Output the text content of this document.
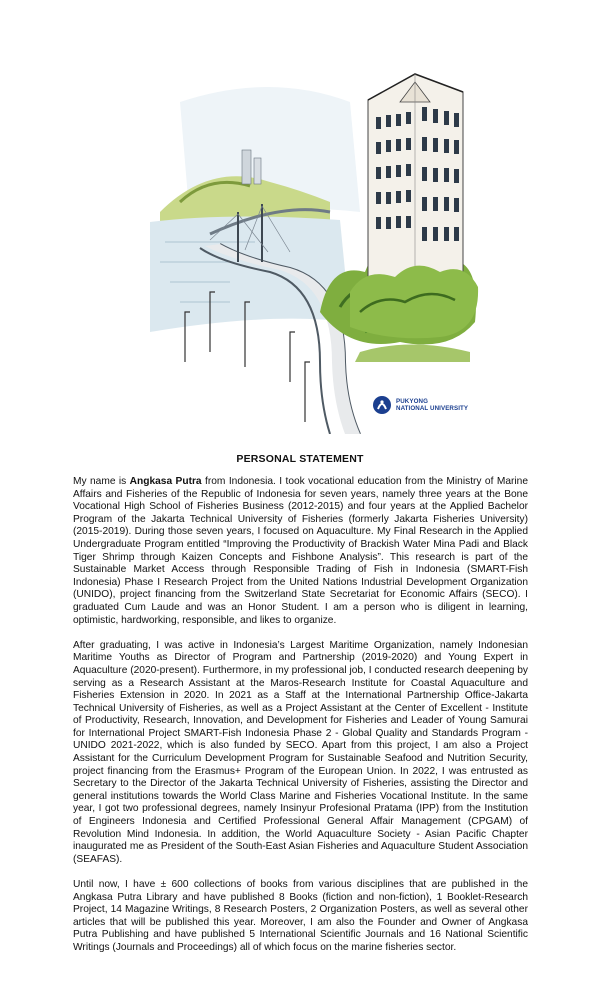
PUKYONG
NATIONAL UNIVERSITY
PERSONAL STATEMENT

My name is Angkasa Putra from Indonesia. I took vocational education from the Ministry of Marine Affairs and Fisheries of the Republic of Indonesia for seven years, namely three years at the Bone Vocational High School of Fisheries Business (2012-2015) and four years at the Applied Bachelor Program of the Jakarta Technical University of Fisheries (formerly Jakarta Fisheries University) (2015-2019). During those seven years, I focused on Aquaculture. My Final Research in the Applied Undergraduate Program entitled “Improving the Productivity of Brackish Water Mina Padi and Black Tiger Shrimp through Kaizen Concepts and Fishbone Analysis”. This research is part of the Sustainable Market Access through Responsible Trading of Fish in Indonesia (SMART-Fish Indonesia) Phase I Research Project from the United Nations Industrial Development Organization (UNIDO), project financing from the Switzerland State Secretariat for Economic Affairs (SECO). I graduated Cum Laude and was an Honor Student. I am a person who is diligent in learning, optimistic, hardworking, responsible, and likes to organize.

After graduating, I was active in Indonesia’s Largest Maritime Organization, namely Indonesian Maritime Youths as Director of Program and Partnership (2019-2020) and Young Expert in Aquaculture (2020-present). Furthermore, in my professional job, I conducted research deepening by serving as a Research Assistant at the Maros-Research Institute for Coastal Aquaculture and Fisheries Extension in 2020. In 2021 as a Staff at the International Partnership Office-Jakarta Technical University of Fisheries, as well as a Project Assistant at the Center of Excellent - Institute of Productivity, Research, Innovation, and Development for Fisheries and Leader of Young Samurai for International Project SMART-Fish Indonesia Phase 2 - Global Quality and Standards Program - UNIDO 2021-2022, which is also funded by SECO. Apart from this project, I am also a Project Assistant for the Curriculum Development Program for Sustainable Seafood and Nutrition Security, project financing from the Erasmus+ Program of the European Union. In 2022, I was entrusted as Secretary to the Director of the Jakarta Technical University of Fisheries, assisting the Director and general institutions towards the World Class Marine and Fisheries Vocational Institute. In the same year, I got two professional degrees, namely Insinyur Profesional Pratama (IPP) from the Institution of Engineers Indonesia and Certified Professional General Affair Management (CPGAM) of Revolution Mind Indonesia. In addition, the World Aquaculture Society - Asian Pacific Chapter inaugurated me as President of the South-East Asian Fisheries and Aquaculture Student Association (SEAFAS).

Until now, I have ± 600 collections of books from various disciplines that are published in the Angkasa Putra Library and have published 8 Books (fiction and non-fiction), 1 Booklet-Research Project, 14 Magazine Writings, 8 Research Posters, 2 Organization Posters, as well as several other articles that will be published this year. Moreover, I am also the Founder and Owner of Angkasa Putra Publishing and have published 5 International Scientific Journals and 16 National Scientific Writings (Journals and Proceedings) all of which focus on the marine fisheries sector.
